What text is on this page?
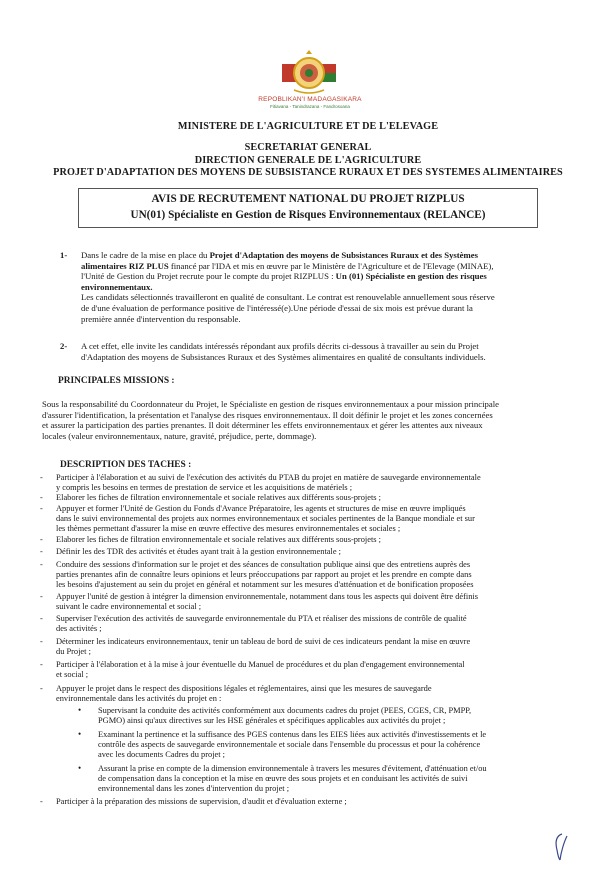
REPOBLIKAN'I MADAGASIKARA
Fitiavana - Tanindrazana - Fandrosoana
MINISTERE DE L'AGRICULTURE ET DE L'ELEVAGE
SECRETARIAT GENERAL
DIRECTION GENERALE DE L'AGRICULTURE
PROJET D'ADAPTATION DES MOYENS DE SUBSISTANCE RURAUX ET DES SYSTEMES ALIMENTAIRES
AVIS DE RECRUTEMENT NATIONAL DU PROJET RIZPLUS
UN(01) Spécialiste en Gestion de Risques Environnementaux (RELANCE)
1- Dans le cadre de la mise en place du Projet d'Adaptation des moyens de Subsistances Ruraux et des Systèmes
alimentaires RIZ PLUS financé par l'IDA et mis en œuvre par le Ministère de l'Agriculture et de l'Elevage (MINAE),
l'Unité de Gestion du Projet recrute pour le compte du projet RIZPLUS : Un (01) Spécialiste en gestion des risques
environnementaux.
Les candidats sélectionnés travailleront en qualité de consultant. Le contrat est renouvelable annuellement sous réserve
de d'une évaluation de performance positive de l'intéressé(e).Une période d'essai de six mois est prévue durant la
première année d'intervention du responsable.
2- A cet effet, elle invite les candidats intéressés répondant aux profils décrits ci-dessous à travailler au sein du Projet
d'Adaptation des moyens de Subsistances Ruraux et des Systèmes alimentaires en qualité de consultants individuels.
PRINCIPALES MISSIONS :
Sous la responsabilité du Coordonnateur du Projet, le Spécialiste en gestion de risques environnementaux a pour mission principale
d'assurer l'identification, la présentation et l'analyse des risques environnementaux. Il doit définir le projet et les zones concernées
et assurer la participation des parties prenantes. Il doit déterminer les effets environnementaux et gérer les attentes aux niveaux
locales (valeur environnementaux, nature, gravité, préjudice, perte, dommage).
DESCRIPTION DES TACHES :
- Participer à l'élaboration et au suivi de l'exécution des activités du PTAB du projet en matière de sauvegarde environnementale
y compris les besoins en termes de prestation de service et les acquisitions de matériels ;
- Elaborer les fiches de filtration environnementale et sociale relatives aux différents sous-projets ;
- Appuyer et former l'Unité de Gestion du Fonds d'Avance Préparatoire, les agents et structures de mise en œuvre impliqués
dans le suivi environnemental des projets aux normes environnementaux et sociales pertinentes de la Banque mondiale et sur
les thèmes permettant d'assurer la mise en œuvre effective des mesures environnementales et sociales ;
- Elaborer les fiches de filtration environnementale et sociale relatives aux différents sous-projets ;
- Définir les des TDR des activités et études ayant trait à la gestion environnementale ;
- Conduire des sessions d'information sur le projet et des séances de consultation publique ainsi que des entretiens auprès des
parties prenantes afin de connaître leurs opinions et leurs préoccupations par rapport au projet et les prendre en compte dans
les besoins d'ajustement au sein du projet en général et notamment sur les mesures d'atténuation et de bonification proposées
- Appuyer l'unité de gestion à intégrer la dimension environnementale, notamment dans tous les aspects qui doivent être définis
suivant le cadre environnemental et social ;
- Superviser l'exécution des activités de sauvegarde environnementale du PTA et réaliser des missions de contrôle de qualité
des activités ;
- Déterminer les indicateurs environnementaux, tenir un tableau de bord de suivi de ces indicateurs pendant la mise en œuvre
du Projet ;
- Participer à l'élaboration et à la mise à jour éventuelle du Manuel de procédures et du plan d'engagement environnemental
et social ;
- Appuyer le projet dans le respect des dispositions légales et réglementaires, ainsi que les mesures de sauvegarde
environnementale dans les activités du projet en :
• Supervisant la conduite des activités conformément aux documents cadres du projet (PEES, CGES, CR, PMPP,
PGMO) ainsi qu'aux directives sur les HSE générales et spécifiques applicables aux activités du projet ;
• Examinant la pertinence et la suffisance des PGES contenus dans les EIES liées aux activités d'investissements et le
contrôle des aspects de sauvegarde environnementale et sociale dans l'ensemble du processus et pour la cohérence
avec les documents Cadres du projet ;
• Assurant la prise en compte de la dimension environnementale à travers les mesures d'évitement, d'atténuation et/ou
de compensation dans la conception et la mise en œuvre des sous projets et en conduisant les activités de suivi
environnemental dans les zones d'intervention du projet ;
- Participer à la préparation des missions de supervision, d'audit et d'évaluation externe ;
